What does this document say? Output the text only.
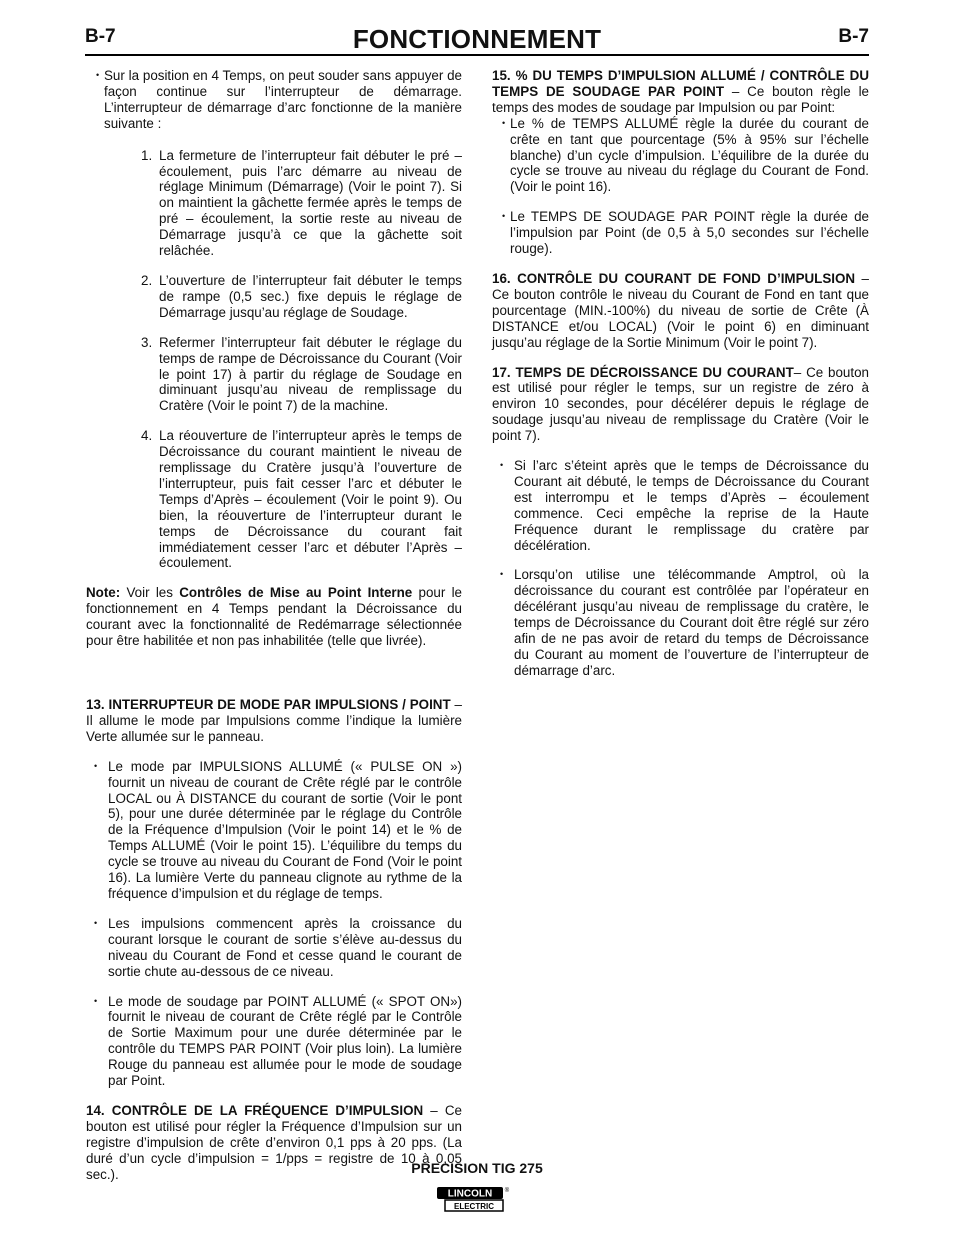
B-7	FONCTIONNEMENT	B-7

• Sur la position en 4 Temps, on peut souder sans appuyer de façon continue sur l’interrupteur de démarrage. L’interrupteur de démarrage d’arc fonctionne de la manière suivante :

1. La fermeture de l’interrupteur fait débuter le pré – écoulement, puis l’arc démarre au niveau de réglage Minimum (Démarrage) (Voir le point 7). Si on maintient la gâchette fermée après le temps de pré – écoulement, la sortie reste au niveau de Démarrage jusqu’à ce que la gâchette soit relâchée.

2. L’ouverture de l’interrupteur fait débuter le temps de rampe (0,5 sec.) fixe depuis le réglage de Démarrage jusqu’au réglage de Soudage.

3. Refermer l’interrupteur fait débuter le réglage du temps de rampe de Décroissance du Courant (Voir le point 17) à partir du réglage de Soudage en diminuant jusqu’au niveau de remplissage du Cratère (Voir le point 7) de la machine.

4. La réouverture de l’interrupteur après le temps de Décroissance du courant maintient le niveau de remplissage du Cratère jusqu’à l’ouverture de l’interrupteur, puis fait cesser l’arc et débuter le Temps d’Après – écoulement (Voir le point 9). Ou bien, la réouverture de l’interrupteur durant le temps de Décroissance du courant fait immédiatement cesser l’arc et débuter l’Après – écoulement.

Note: Voir les Contrôles de Mise au Point Interne pour le fonctionnement en 4 Temps pendant la Décroissance du courant avec la fonctionnalité de Redémarrage sélectionnée pour être habilitée et non pas inhabilitée (telle que livrée).

13. INTERRUPTEUR DE MODE PAR IMPULSIONS / POINT – Il allume le mode par Impulsions comme l’indique la lumière Verte allumée sur le panneau.

• Le mode par IMPULSIONS ALLUMÉ (« PULSE ON ») fournit un niveau de courant de Crête réglé par le contrôle LOCAL ou À DISTANCE du courant de sortie (Voir le pont 5), pour une durée déterminée par le réglage du Contrôle de la Fréquence d’Impulsion (Voir le point 14) et le % de Temps ALLUMÉ (Voir le point 15). L’équilibre du temps du cycle se trouve au niveau du Courant de Fond (Voir le point 16). La lumière Verte du panneau clignote au rythme de la fréquence d’impulsion et du réglage de temps.

• Les impulsions commencent après la croissance du courant lorsque le courant de sortie s’élève au-dessus du niveau du Courant de Fond et cesse quand le courant de sortie chute au-dessous de ce niveau.

• Le mode de soudage par POINT ALLUMÉ (« SPOT ON») fournit le niveau de courant de Crête réglé par le Contrôle de Sortie Maximum pour une durée déterminée par le contrôle du TEMPS PAR POINT (Voir plus loin). La lumière Rouge du panneau est allumée pour le mode de soudage par Point.

14. CONTRÔLE DE LA FRÉQUENCE D’IMPULSION – Ce bouton est utilisé pour régler la Fréquence d’Impulsion sur un registre d’impulsion de crête d’environ 0,1 pps à 20 pps. (La duré d’un cycle d’impulsion = 1/pps = registre de 10 à 0,05 sec.).

15. % DU TEMPS D’IMPULSION ALLUMÉ / CONTRÔLE DU TEMPS DE SOUDAGE PAR POINT – Ce bouton règle le temps des modes de soudage par Impulsion ou par Point:

• Le % de TEMPS ALLUMÉ règle la durée du courant de crête en tant que pourcentage (5% à 95% sur l’échelle blanche) d’un cycle d’impulsion. L’équilibre de la durée du cycle se trouve au niveau du réglage du Courant de Fond. (Voir le point 16).

• Le TEMPS DE SOUDAGE PAR POINT règle la durée de l’impulsion par Point (de 0,5 à 5,0 secondes sur l’échelle rouge).

16. CONTRÔLE DU COURANT DE FOND D’IMPULSION – Ce bouton contrôle le niveau du Courant de Fond en tant que pourcentage (MIN.-100%) du niveau de sortie de Crête (À DISTANCE et/ou LOCAL) (Voir le point 6) en diminuant jusqu’au réglage de la Sortie Minimum (Voir le point 7).

17. TEMPS DE DÉCROISSANCE DU COURANT– Ce bouton est utilisé pour régler le temps, sur un registre de zéro à environ 10 secondes, pour décélérer depuis le réglage de soudage jusqu’au niveau de remplissage du Cratère (Voir le point 7).

• Si l’arc s’éteint après que le temps de Décroissance du Courant ait débuté, le temps de Décroissance du Courant est interrompu et le temps d’Après – écoulement commence. Ceci empêche la reprise de la Haute Fréquence durant le remplissage du cratère par décélération.

• Lorsqu’on utilise une télécommande Amptrol, où la décroissance du courant est contrôlée par l’opérateur en décélérant jusqu’au niveau de remplissage du cratère, le temps de Décroissance du Courant doit être réglé sur zéro afin de ne pas avoir de retard du temps de Décroissance du Courant au moment de l’ouverture de l’interrupteur de démarrage d’arc.

PRECISION TIG 275
LINCOLN
ELECTRIC
®
